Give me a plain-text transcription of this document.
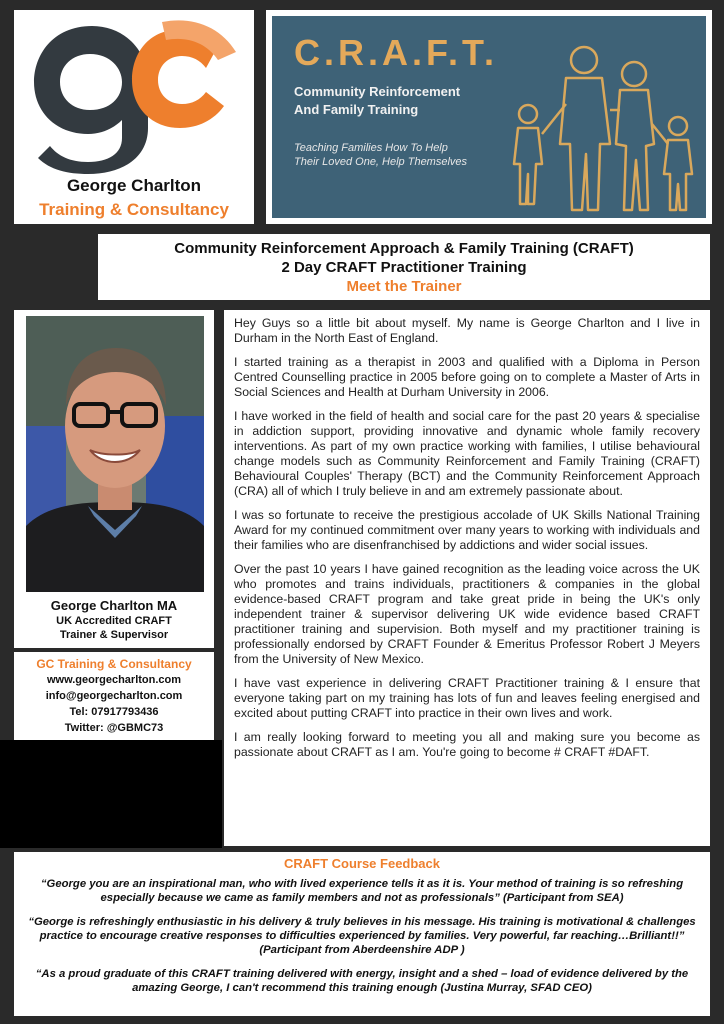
George Charlton
Training & Consultancy
C.R.A.F.T.
Community Reinforcement
And Family Training
Teaching Families How To Help
Their Loved One, Help Themselves
Community Reinforcement Approach & Family Training (CRAFT)
2 Day CRAFT Practitioner Training
Meet the Trainer
George Charlton MA
UK Accredited CRAFT
Trainer & Supervisor
GC Training & Consultancy
www.georgecharlton.com
info@georgecharlton.com
Tel: 07917793436
Twitter: @GBMC73

Hey Guys so a little bit about myself. My name is George Charlton and I live in Durham in the North East of England.

I started training as a therapist in 2003 and qualified with a Diploma in Person Centred Counselling practice in 2005 before going on to complete a Master of Arts in Social Sciences and Health at Durham University in 2006.

I have worked in the field of health and social care for the past 20 years & specialise in addiction support, providing innovative and dynamic whole family recovery interventions. As part of my own practice working with families, I utilise behavioural change models such as Community Reinforcement and Family Training (CRAFT) Behavioural Couples' Therapy (BCT) and the Community Reinforcement Approach (CRA) all of which I truly believe in and am extremely passionate about.

I was so fortunate to receive the prestigious accolade of UK Skills National Training Award for my continued commitment over many years to working with individuals and their families who are disenfranchised by addictions and wider social issues.

Over the past 10 years I have gained recognition as the leading voice across the UK who promotes and trains individuals, practitioners & companies in the global evidence-based CRAFT program and take great pride in being the UK's only independent trainer & supervisor delivering UK wide evidence based CRAFT practitioner training and supervision. Both myself and my practitioner training is professionally endorsed by CRAFT Founder & Emeritus Professor Robert J Meyers from the University of New Mexico.

I have vast experience in delivering CRAFT Practitioner training & I ensure that everyone taking part on my training has lots of fun and leaves feeling energised and excited about putting CRAFT into practice in their own lives and work.

I am really looking forward to meeting you all and making sure you become as passionate about CRAFT as I am. You're going to become # CRAFT #DAFT.

CRAFT Course Feedback
“George you are an inspirational man, who with lived experience tells it as it is. Your method of training is so refreshing especially because we came as family members and not as professionals” (Participant from SEA)
“George is refreshingly enthusiastic in his delivery & truly believes in his message. His training is motivational & challenges practice to encourage creative responses to difficulties experienced by families. Very powerful, far reaching…Brilliant!!” (Participant from Aberdeenshire ADP )
“As a proud graduate of this CRAFT training delivered with energy, insight and a shed – load of evidence delivered by the amazing George, I can't recommend this training enough (Justina Murray, SFAD CEO)
